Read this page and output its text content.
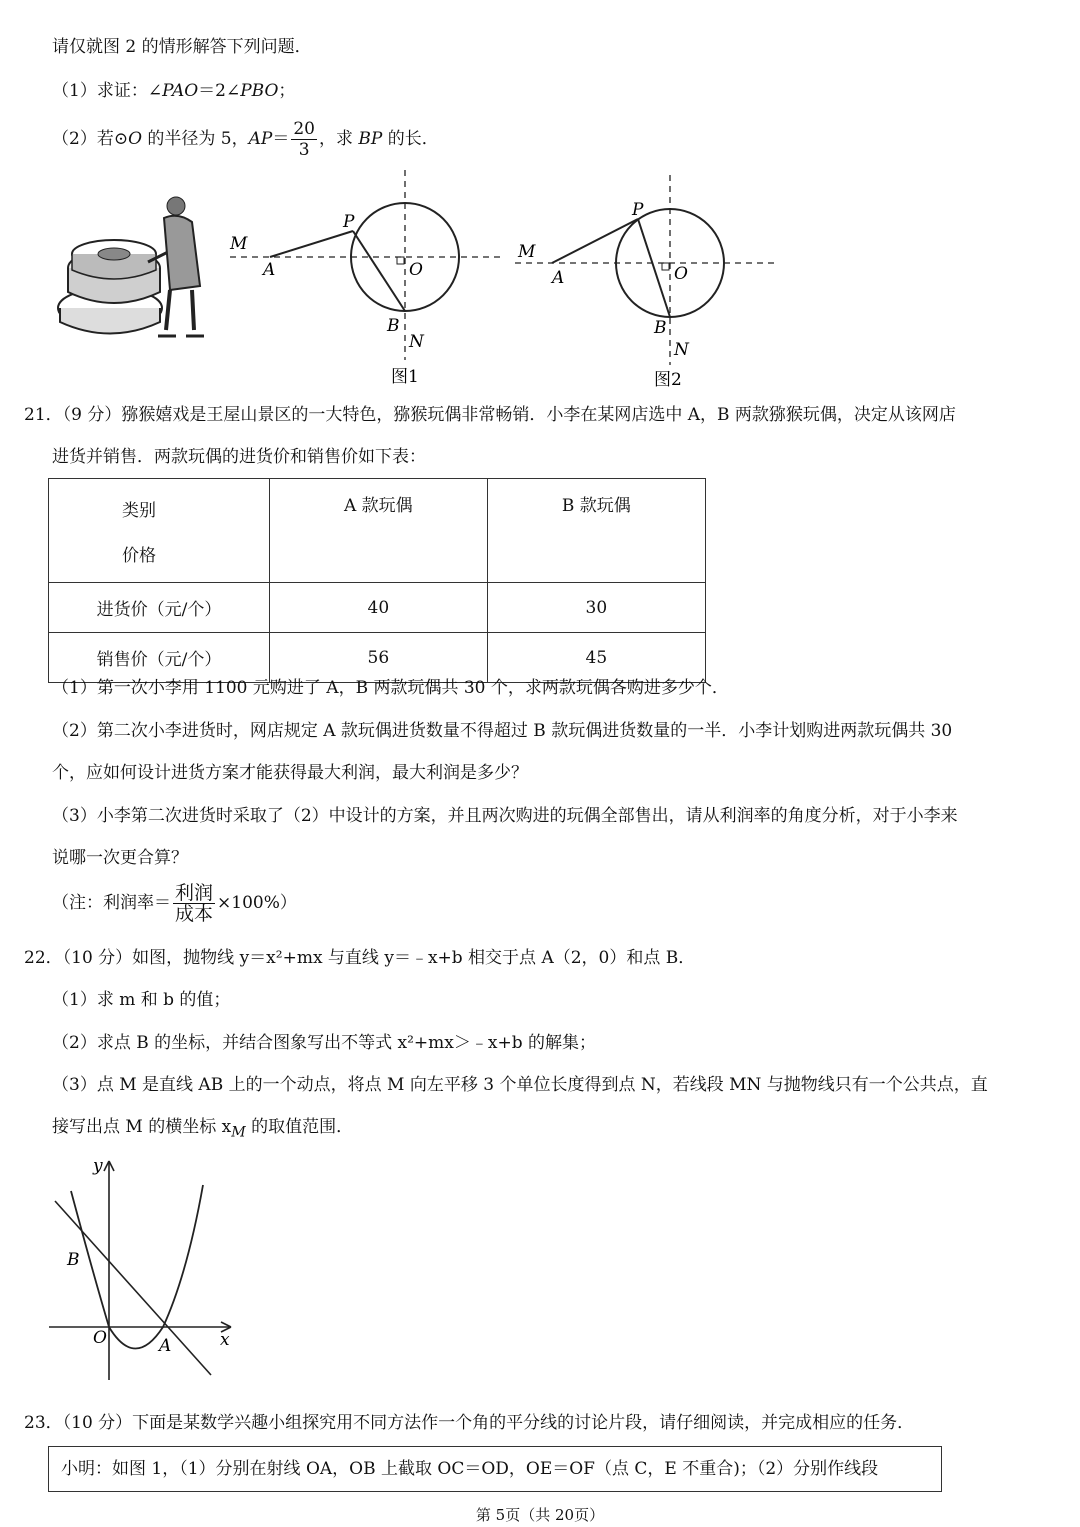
请仅就图 2 的情形解答下列问题．
（1）求证：∠PAO＝2∠PBO；
（2）若⊙O 的半径为 5，$AP= \frac{20}{3}$ ，求 BP 的长．
M
A
P
O
B
N
图1
M
A
P
O
B
N
图2
21．（9 分）猕猴嬉戏是王屋山景区的一大特色，猕猴玩偶非常畅销．小李在某网店选中 A，B 两款猕猴玩偶，决定从该网店
进货并销售．两款玩偶的进货价和销售价如下表：
类别
价格	A 款玩偶	B 款玩偶
进货价（元/个）	40	30
销售价（元/个）	56	45
（1）第一次小李用 1100 元购进了 A，B 两款玩偶共 30 个，求两款玩偶各购进多少个．
（2）第二次小李进货时，网店规定 A 款玩偶进货数量不得超过 B 款玩偶进货数量的一半．小李计划购进两款玩偶共 30
个，应如何设计进货方案才能获得最大利润，最大利润是多少？
（3）小李第二次进货时采取了（2）中设计的方案，并且两次购进的玩偶全部售出，请从利润率的角度分析，对于小李来
说哪一次更合算？
（注：利润率＝ $\frac{\text{利润}}{\text{成本}} \times 100\%$）
22．（10 分）如图，抛物线 y＝x²+mx 与直线 y＝﹣x+b 相交于点 A（2，0）和点 B．
（1）求 m 和 b 的值；
（2）求点 B 的坐标，并结合图象写出不等式 x²+mx＞﹣x+b 的解集；
（3）点 M 是直线 AB 上的一个动点，将点 M 向左平移 3 个单位长度得到点 N，若线段 MN 与抛物线只有一个公共点，直
接写出点 M 的横坐标 $x_M$ 的取值范围．
y
x
B
O	A
23．（10 分）下面是某数学兴趣小组探究用不同方法作一个角的平分线的讨论片段，请仔细阅读，并完成相应的任务．
小明：如图 1，（1）分别在射线 OA，OB 上截取 OC＝OD，OE＝OF（点 C，E 不重合)；（2）分别作线段
第 5页（共 20页）
